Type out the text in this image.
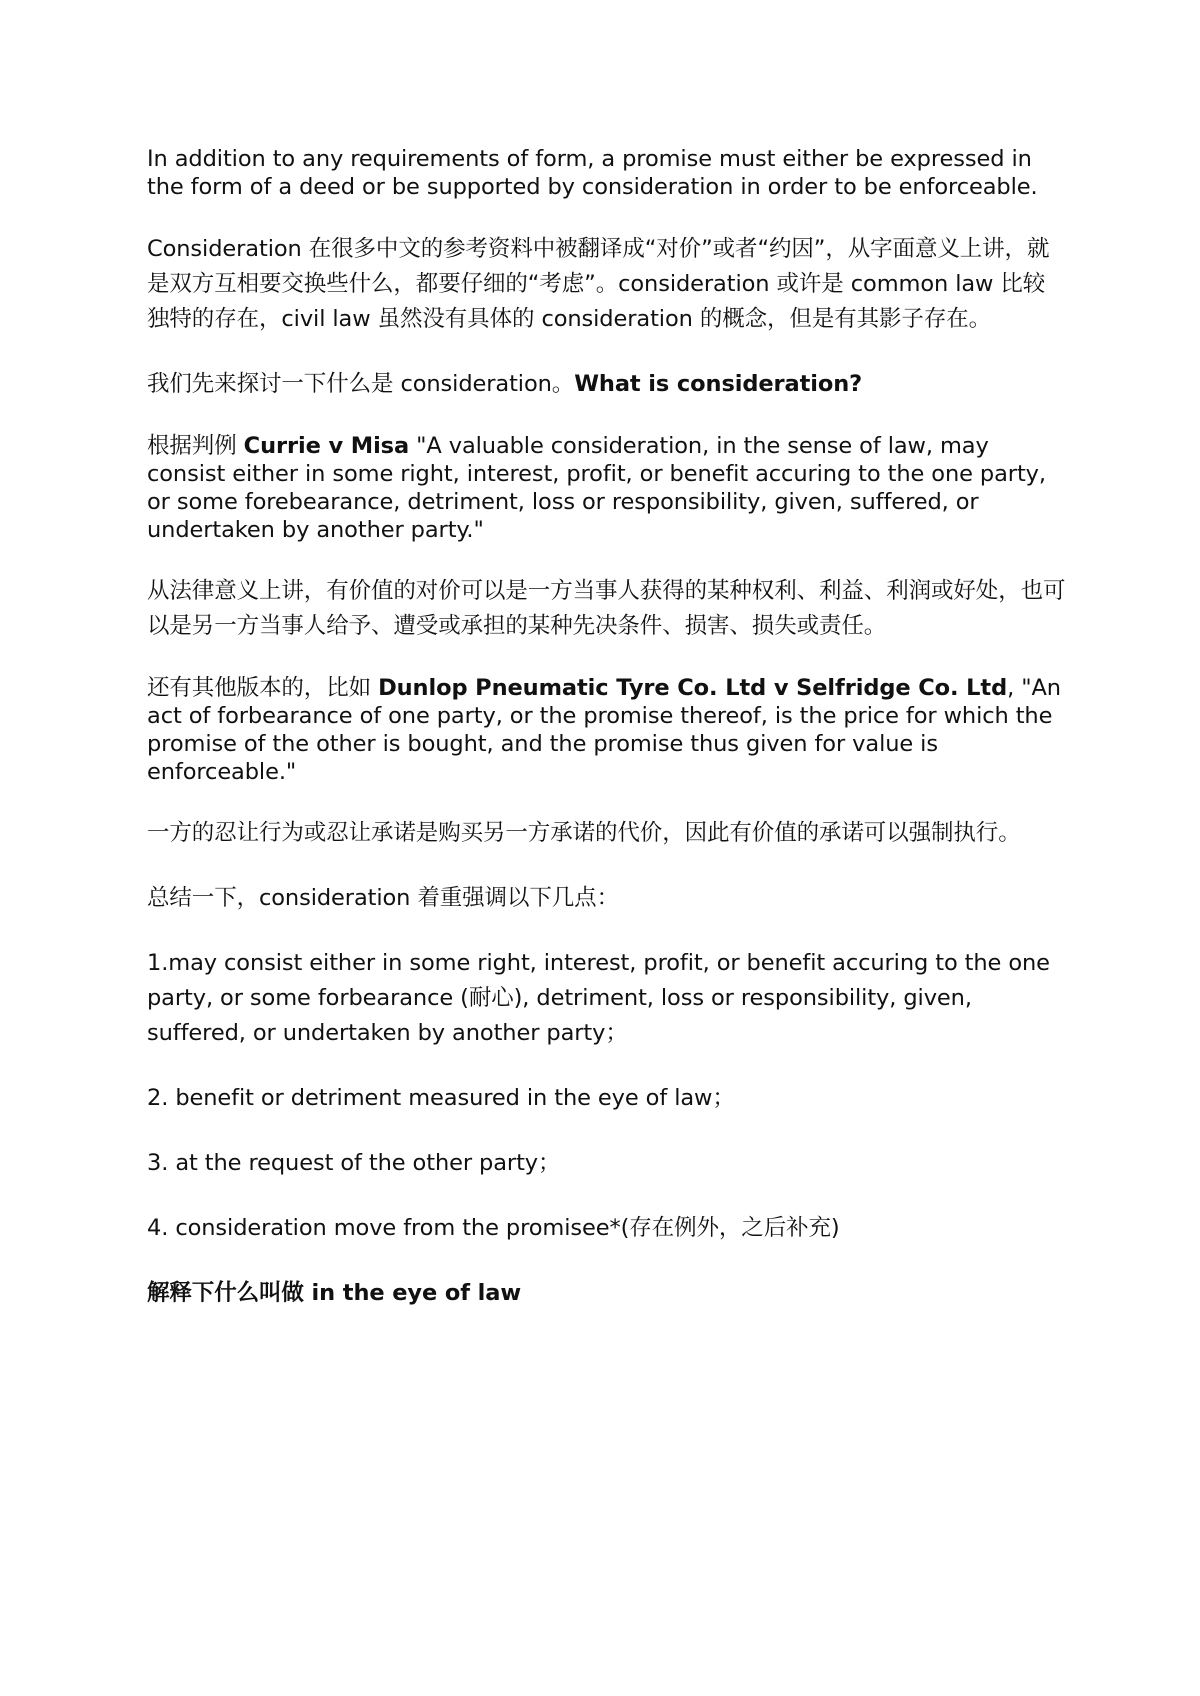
In addition to any requirements of form, a promise must either be expressed in the form of a deed or be supported by consideration in order to be enforceable.

Consideration 在很多中文的参考资料中被翻译成“对价”或者“约因”，从字面意义上讲，就是双方互相要交换些什么，都要仔细的“考虑”。consideration 或许是 common law 比较独特的存在，civil law 虽然没有具体的 consideration 的概念，但是有其影子存在。

我们先来探讨一下什么是 consideration。What is consideration?

根据判例 Currie v Misa "A valuable consideration, in the sense of law, may consist either in some right, interest, profit, or benefit accuring to the one party, or some forebearance, detriment, loss or responsibility, given, suffered, or undertaken by another party."

从法律意义上讲，有价值的对价可以是一方当事人获得的某种权利、利益、利润或好处，也可以是另一方当事人给予、遭受或承担的某种先决条件、损害、损失或责任。

还有其他版本的，比如 Dunlop Pneumatic Tyre Co. Ltd v Selfridge Co. Ltd, "An act of forbearance of one party, or the promise thereof, is the price for which the promise of the other is bought, and the promise thus given for value is enforceable."

一方的忍让行为或忍让承诺是购买另一方承诺的代价，因此有价值的承诺可以强制执行。

总结一下，consideration 着重强调以下几点：

1.may consist either in some right, interest, profit, or benefit accuring to the one party, or some forbearance (耐心), detriment, loss or responsibility, given, suffered, or undertaken by another party；

2. benefit or detriment measured in the eye of law；

3. at the request of the other party；

4. consideration move from the promisee*(存在例外，之后补充)

解释下什么叫做 in the eye of law
